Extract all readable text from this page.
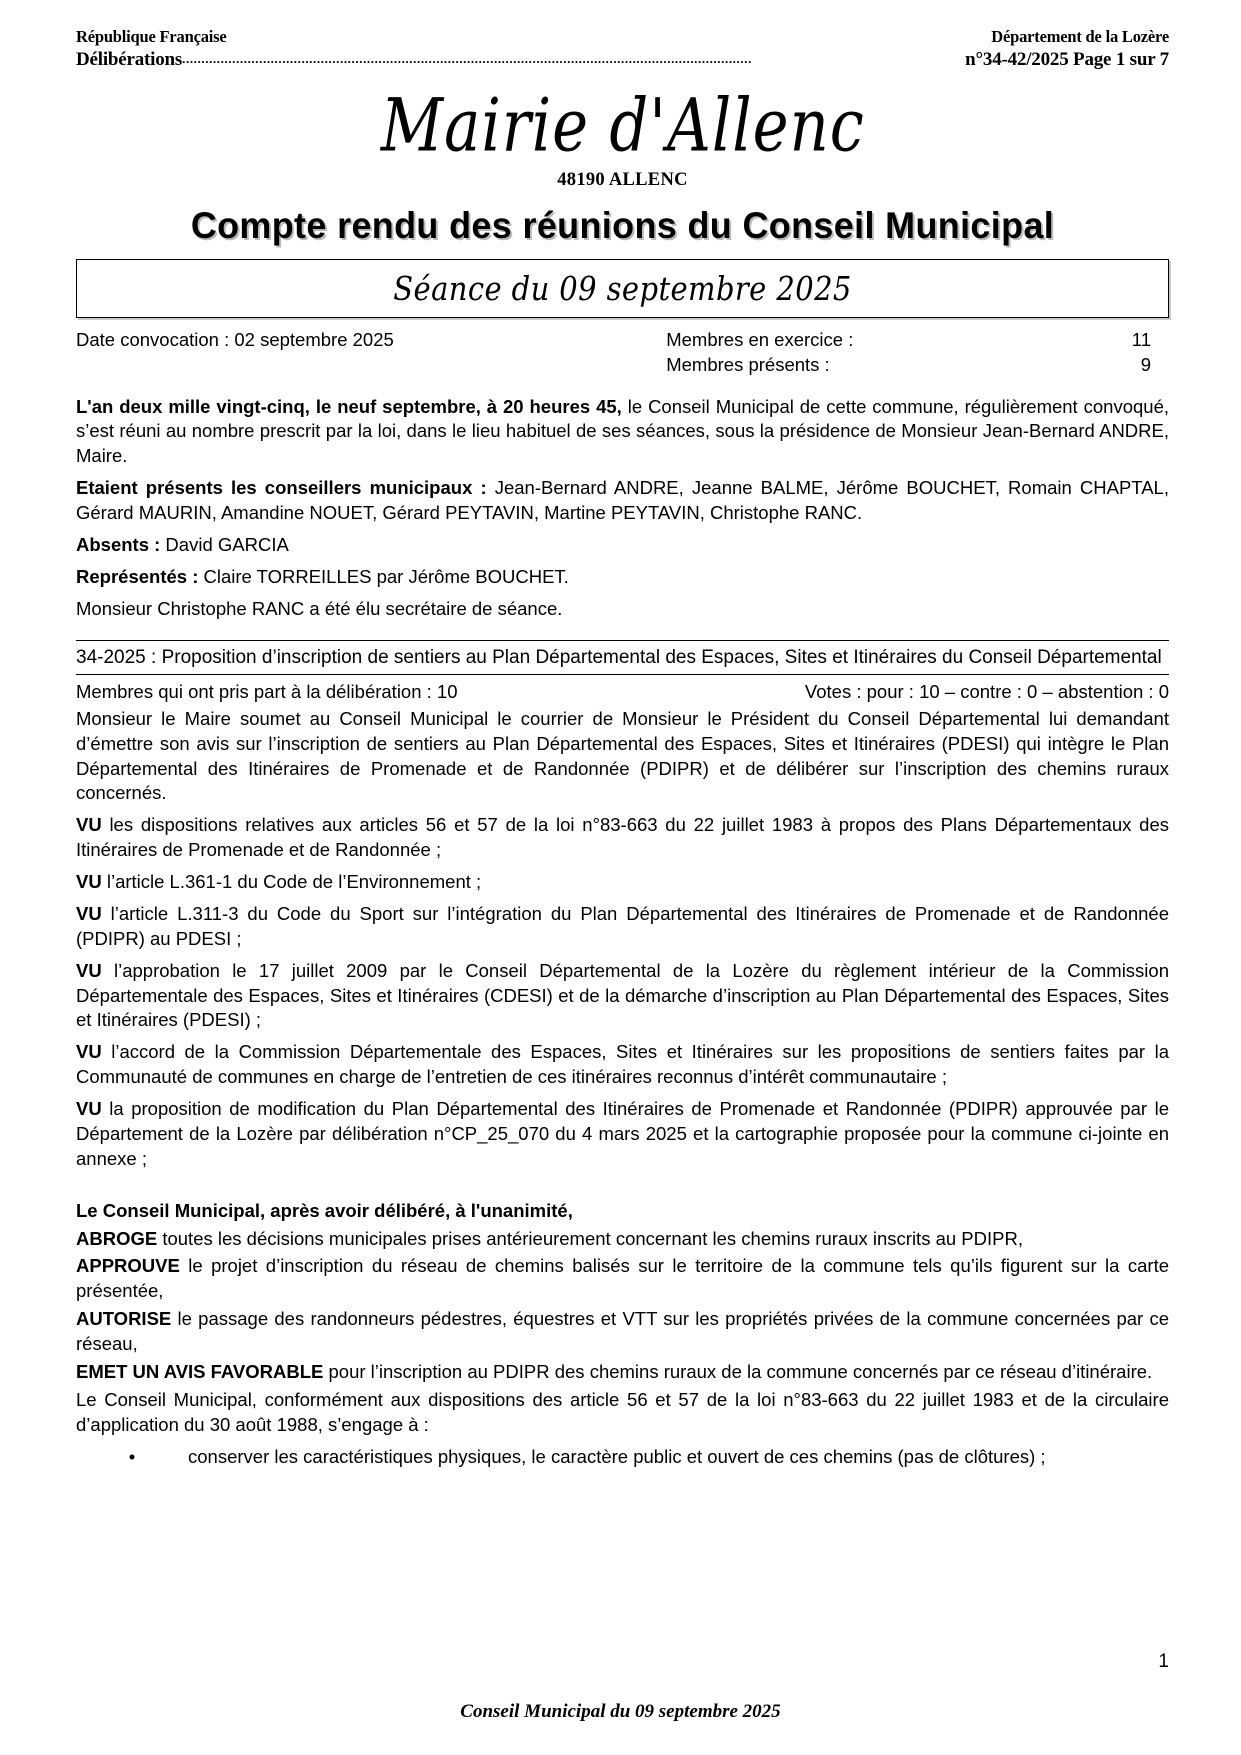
République Française	Département de la Lozère
Délibérations ....................................................................................................................................................	n°34-42/2025 Page 1 sur 7
Mairie d'Allenc
48190 ALLENC
Compte rendu des réunions du Conseil Municipal
Séance du 09 septembre 2025
Date convocation : 02 septembre 2025	Membres en exercice :	11
Membres présents :	9

L'an deux mille vingt-cinq, le neuf septembre, à 20 heures 45, le Conseil Municipal de cette commune, régulièrement convoqué, s’est réuni au nombre prescrit par la loi, dans le lieu habituel de ses séances, sous la présidence de Monsieur Jean-Bernard ANDRE, Maire.

Etaient présents les conseillers municipaux : Jean-Bernard ANDRE, Jeanne BALME, Jérôme BOUCHET, Romain CHAPTAL, Gérard MAURIN, Amandine NOUET, Gérard PEYTAVIN, Martine PEYTAVIN, Christophe RANC.

Absents : David GARCIA

Représentés : Claire TORREILLES par Jérôme BOUCHET.

Monsieur Christophe RANC a été élu secrétaire de séance.

34-2025 : Proposition d’inscription de sentiers au Plan Départemental des Espaces, Sites et Itinéraires du Conseil Départemental
Membres qui ont pris part à la délibération : 10	Votes : pour : 10 – contre : 0 – abstention : 0

Monsieur le Maire soumet au Conseil Municipal le courrier de Monsieur le Président du Conseil Départemental lui demandant d’émettre son avis sur l’inscription de sentiers au Plan Départemental des Espaces, Sites et Itinéraires (PDESI) qui intègre le Plan Départemental des Itinéraires de Promenade et de Randonnée (PDIPR) et de délibérer sur l’inscription des chemins ruraux concernés.

VU les dispositions relatives aux articles 56 et 57 de la loi n°83-663 du 22 juillet 1983 à propos des Plans Départementaux des Itinéraires de Promenade et de Randonnée ;

VU l’article L.361-1 du Code de l’Environnement ;

VU l’article L.311-3 du Code du Sport sur l’intégration du Plan Départemental des Itinéraires de Promenade et de Randonnée (PDIPR) au PDESI ;

VU l’approbation le 17 juillet 2009 par le Conseil Départemental de la Lozère du règlement intérieur de la Commission Départementale des Espaces, Sites et Itinéraires (CDESI) et de la démarche d’inscription au Plan Départemental des Espaces, Sites et Itinéraires (PDESI) ;

VU l’accord de la Commission Départementale des Espaces, Sites et Itinéraires sur les propositions de sentiers faites par la Communauté de communes en charge de l’entretien de ces itinéraires reconnus d’intérêt communautaire ;

VU la proposition de modification du Plan Départemental des Itinéraires de Promenade et Randonnée (PDIPR) approuvée par le Département de la Lozère par délibération n°CP_25_070 du 4 mars 2025 et la cartographie proposée pour la commune ci-jointe en annexe ;

Le Conseil Municipal, après avoir délibéré, à l'unanimité,

ABROGE toutes les décisions municipales prises antérieurement concernant les chemins ruraux inscrits au PDIPR,

APPROUVE le projet d’inscription du réseau de chemins balisés sur le territoire de la commune tels qu’ils figurent sur la carte présentée,

AUTORISE le passage des randonneurs pédestres, équestres et VTT sur les propriétés privées de la commune concernées par ce réseau,

EMET UN AVIS FAVORABLE pour l’inscription au PDIPR des chemins ruraux de la commune concernés par ce réseau d’itinéraire.

Le Conseil Municipal, conformément aux dispositions des article 56 et 57 de la loi n°83-663 du 22 juillet 1983 et de la circulaire d’application du 30 août 1988, s’engage à :

•	conserver les caractéristiques physiques, le caractère public et ouvert de ces chemins (pas de clôtures) ;
1
Conseil Municipal du 09 septembre 2025
